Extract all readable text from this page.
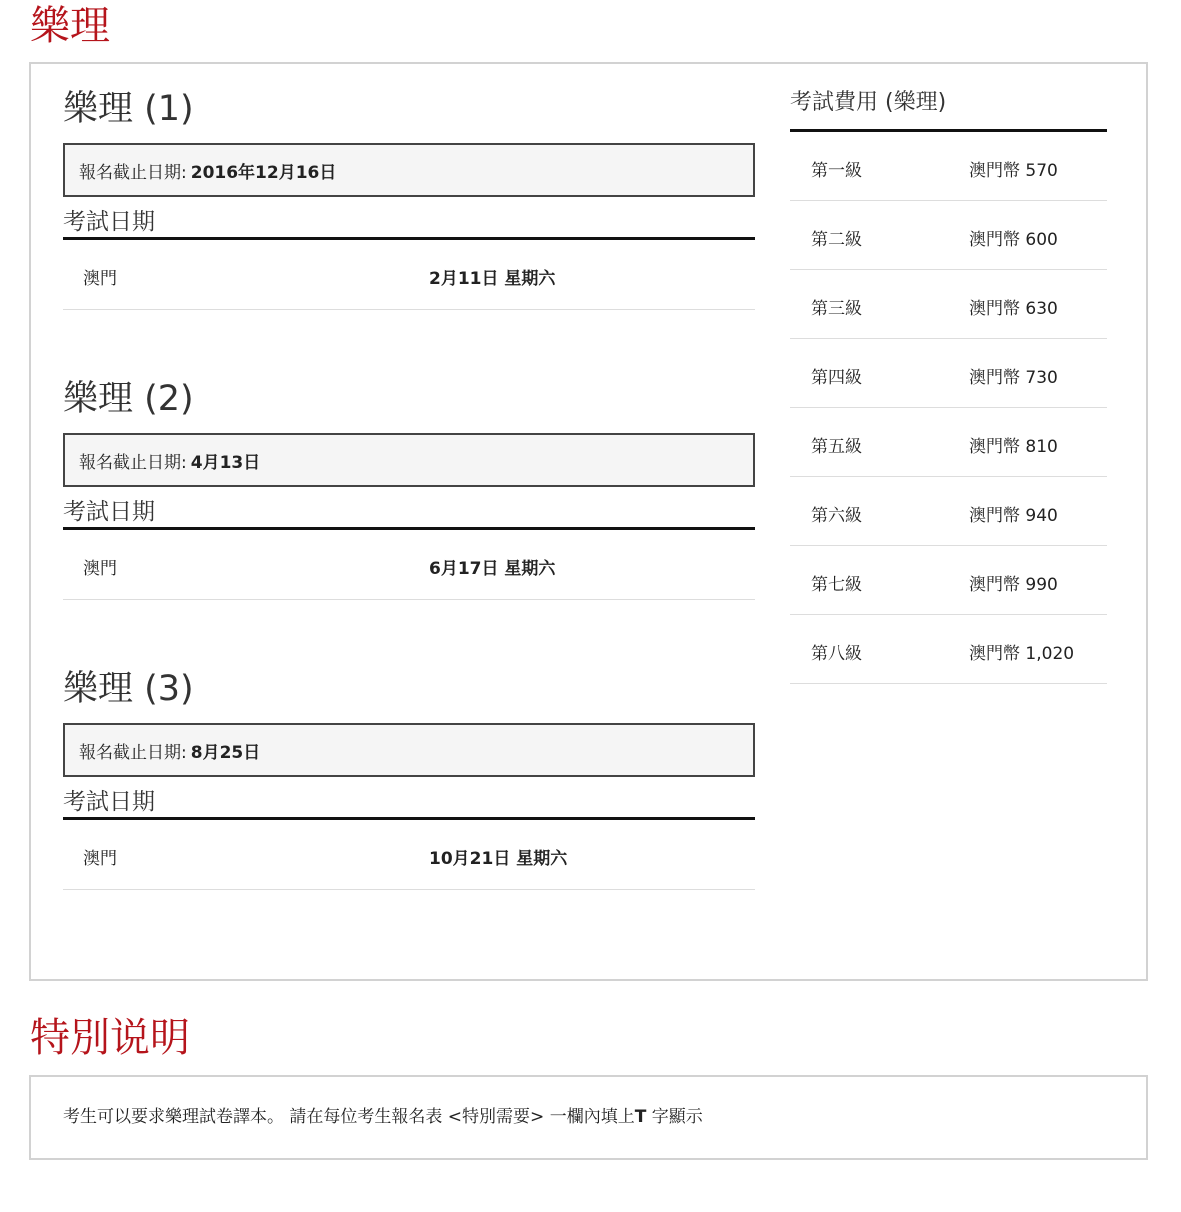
樂理
樂理 (1)
報名截止日期: 2016年12月16日
考試日期
澳門	2月11日 星期六
樂理 (2)
報名截止日期: 4月13日
考試日期
澳門	6月17日 星期六
樂理 (3)
報名截止日期: 8月25日
考試日期
澳門	10月21日 星期六
考試費用 (樂理)
第一級	澳門幣 570
第二級	澳門幣 600
第三級	澳門幣 630
第四級	澳門幣 730
第五級	澳門幣 810
第六級	澳門幣 940
第七級	澳門幣 990
第八級	澳門幣 1,020
特別说明
考生可以要求樂理試卷譯本。 請在每位考生報名表 <特別需要> 一欄內填上T 字顯示
